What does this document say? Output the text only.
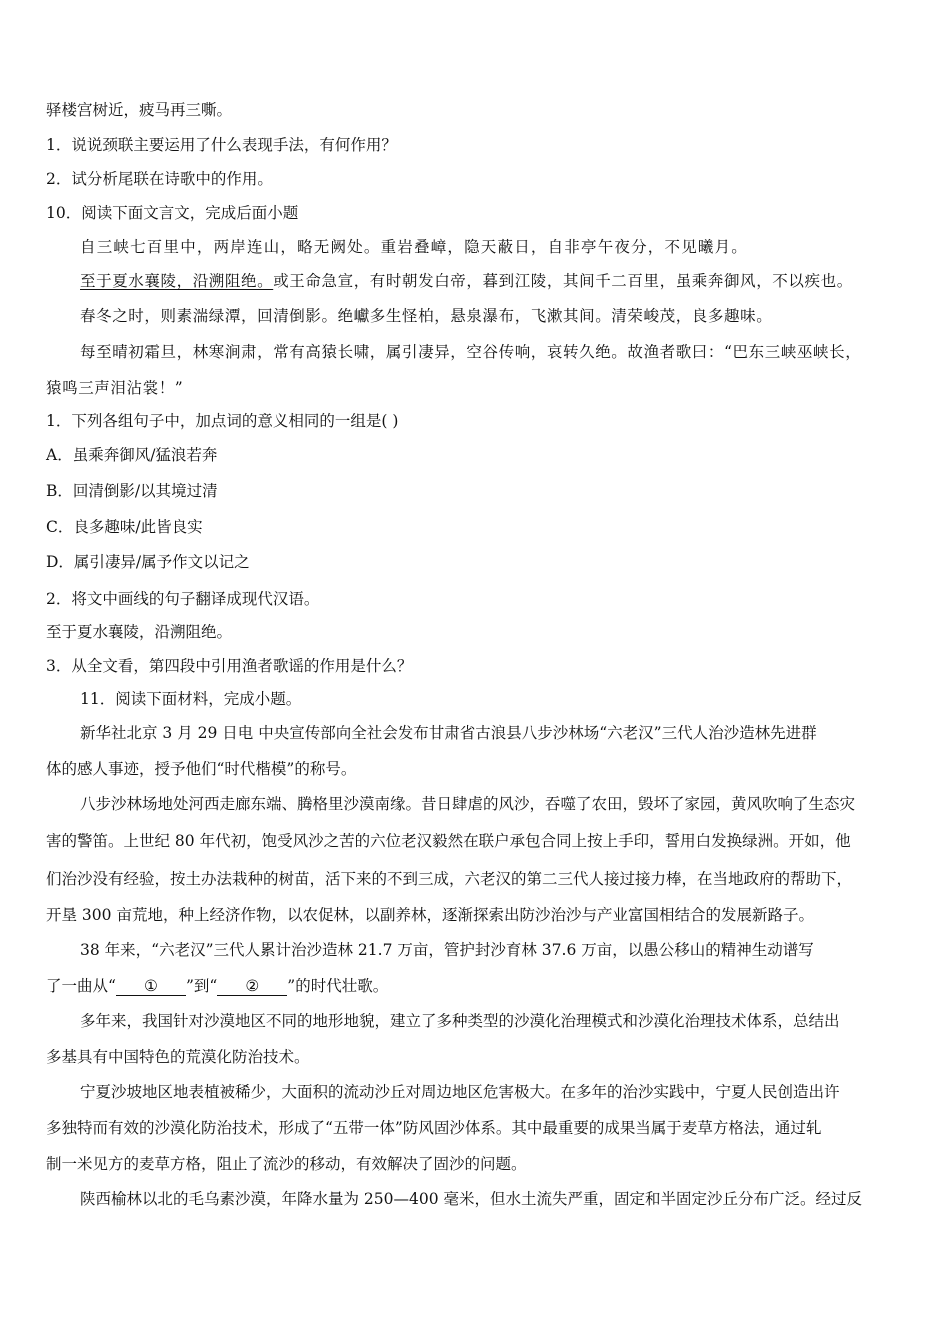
驿楼宫树近，疲马再三嘶。
1．说说颈联主要运用了什么表现手法，有何作用？
2．试分析尾联在诗歌中的作用。
10．阅读下面文言文，完成后面小题
自三峡七百里中，两岸连山，略无阙处。重岩叠嶂，隐天蔽日，自非亭午夜分，不见曦月。
至于夏水襄陵，沿溯阻绝。或王命急宣，有时朝发白帝，暮到江陵，其间千二百里，虽乘奔御风，不以疾也。
春冬之时，则素湍绿潭，回清倒影。绝巘多生怪柏，悬泉瀑布，飞漱其间。清荣峻茂，良多趣味。
每至晴初霜旦，林寒涧肃，常有高猿长啸，属引凄异，空谷传响，哀转久绝。故渔者歌曰：“巴东三峡巫峡长，
猿鸣三声泪沾裳！”
1．下列各组句子中，加点词的意义相同的一组是( )
A．虽乘奔御风/猛浪若奔
B．回清倒影/以其境过清
C．良多趣味/此皆良实
D．属引凄异/属予作文以记之
2．将文中画线的句子翻译成现代汉语。
至于夏水襄陵，沿溯阻绝。
3．从全文看，第四段中引用渔者歌谣的作用是什么？
11．阅读下面材料，完成小题。
新华社北京 3 月 29 日电 中央宣传部向全社会发布甘肃省古浪县八步沙林场“六老汉”三代人治沙造林先进群
体的感人事迹，授予他们“时代楷模”的称号。
八步沙林场地处河西走廊东端、腾格里沙漠南缘。昔日肆虐的风沙，吞噬了农田，毁坏了家园，黄风吹响了生态灾
害的警笛。上世纪 80 年代初，饱受风沙之苦的六位老汉毅然在联户承包合同上按上手印，誓用白发换绿洲。开如，他
们治沙没有经验，按土办法栽种的树苗，活下来的不到三成，六老汉的第二三代人接过接力棒，在当地政府的帮助下，
开垦 300 亩荒地，种上经济作物，以农促林，以副养林，逐渐探索出防沙治沙与产业富国相结合的发展新路子。
38 年来，“六老汉”三代人累计治沙造林 21.7 万亩，管护封沙育林 37.6 万亩，以愚公移山的精神生动谱写
了一曲从“ ① ”到“ ② ”的时代壮歌。
多年来，我国针对沙漠地区不同的地形地貌，建立了多种类型的沙漠化治理模式和沙漠化治理技术体系，总结出
多基具有中国特色的荒漠化防治技术。
宁夏沙坡地区地表植被稀少，大面积的流动沙丘对周边地区危害极大。在多年的治沙实践中，宁夏人民创造出许
多独特而有效的沙漠化防治技术，形成了“五带一体”防风固沙体系。其中最重要的成果当属于麦草方格法，通过轧
制一米见方的麦草方格，阻止了流沙的移动，有效解决了固沙的问题。
陕西榆林以北的毛乌素沙漠，年降水量为 250—400 毫米，但水土流失严重，固定和半固定沙丘分布广泛。经过反
